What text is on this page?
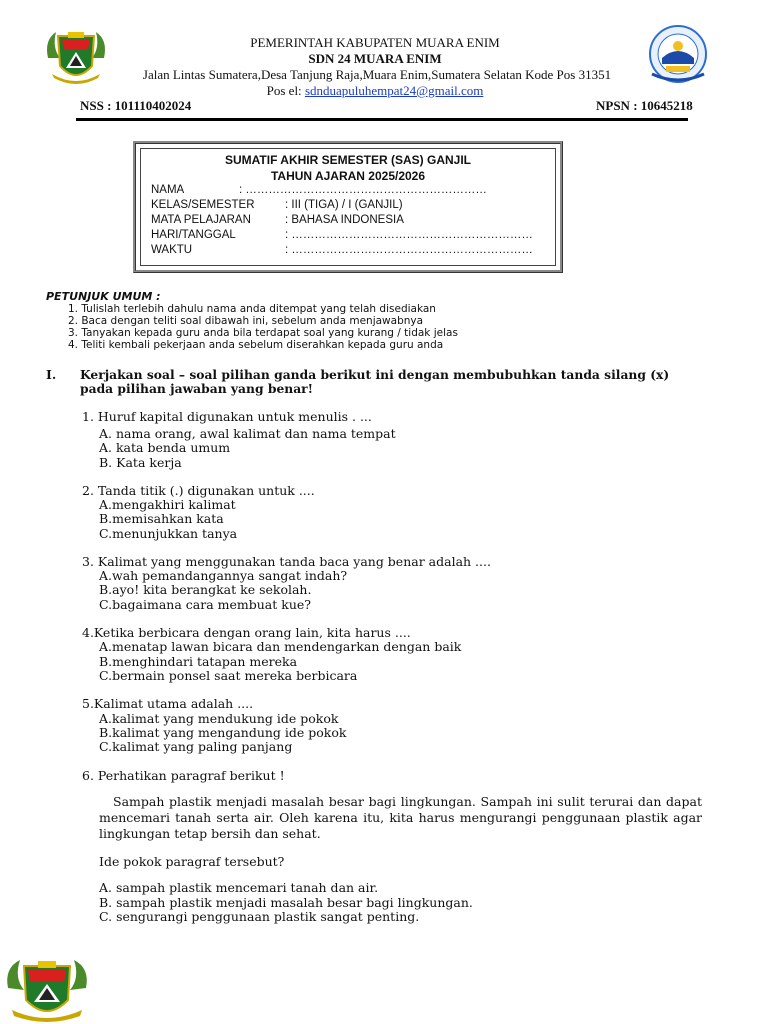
PEMERINTAH KABUPATEN MUARA ENIM
SDN 24 MUARA ENIM
Jalan Lintas Sumatera,Desa Tanjung Raja,Muara Enim,Sumatera Selatan Kode Pos 31351
Pos el: sdnduapuluhempat24@gmail.com
NSS : 101110402024	NPSN : 10645218
SUMATIF AKHIR SEMESTER (SAS) GANJIL
TAHUN AJARAN 2025/2026
NAMA	: ………………………………………………………
KELAS/SEMESTER	: III (TIGA) / I (GANJIL)
MATA PELAJARAN	: BAHASA INDONESIA
HARI/TANGGAL	: ………………………………………………………
WAKTU	: ………………………………………………………
PETUNJUK UMUM :
1. Tulislah terlebih dahulu nama anda ditempat yang telah disediakan
2. Baca dengan teliti soal dibawah ini, sebelum anda menjawabnya
3. Tanyakan kepada guru anda bila terdapat soal yang kurang / tidak jelas
4. Teliti kembali pekerjaan anda sebelum diserahkan kepada guru anda
I. Kerjakan soal – soal pilihan ganda berikut ini dengan membubuhkan tanda silang (x)
pada pilihan jawaban yang benar!
1. Huruf kapital digunakan untuk menulis . ...
A. nama orang, awal kalimat dan nama tempat
A. kata benda umum
B. Kata kerja
2. Tanda titik (.) digunakan untuk ....
A.mengakhiri kalimat
B.memisahkan kata
C.menunjukkan tanya
3. Kalimat yang menggunakan tanda baca yang benar adalah ....
A.wah pemandangannya sangat indah?
B.ayo! kita berangkat ke sekolah.
C.bagaimana cara membuat kue?
4.Ketika berbicara dengan orang lain, kita harus ....
A.menatap lawan bicara dan mendengarkan dengan baik
B.menghindari tatapan mereka
C.bermain ponsel saat mereka berbicara
5.Kalimat utama adalah ....
A.kalimat yang mendukung ide pokok
B.kalimat yang mengandung ide pokok
C.kalimat yang paling panjang
6. Perhatikan paragraf berikut !
Sampah plastik menjadi masalah besar bagi lingkungan. Sampah ini sulit terurai dan dapat mencemari tanah serta air. Oleh karena itu, kita harus mengurangi penggunaan plastik agar lingkungan tetap bersih dan sehat.
Ide pokok paragraf tersebut?
A. sampah plastik mencemari tanah dan air.
B. sampah plastik menjadi masalah besar bagi lingkungan.
C. sengurangi penggunaan plastik sangat penting.
